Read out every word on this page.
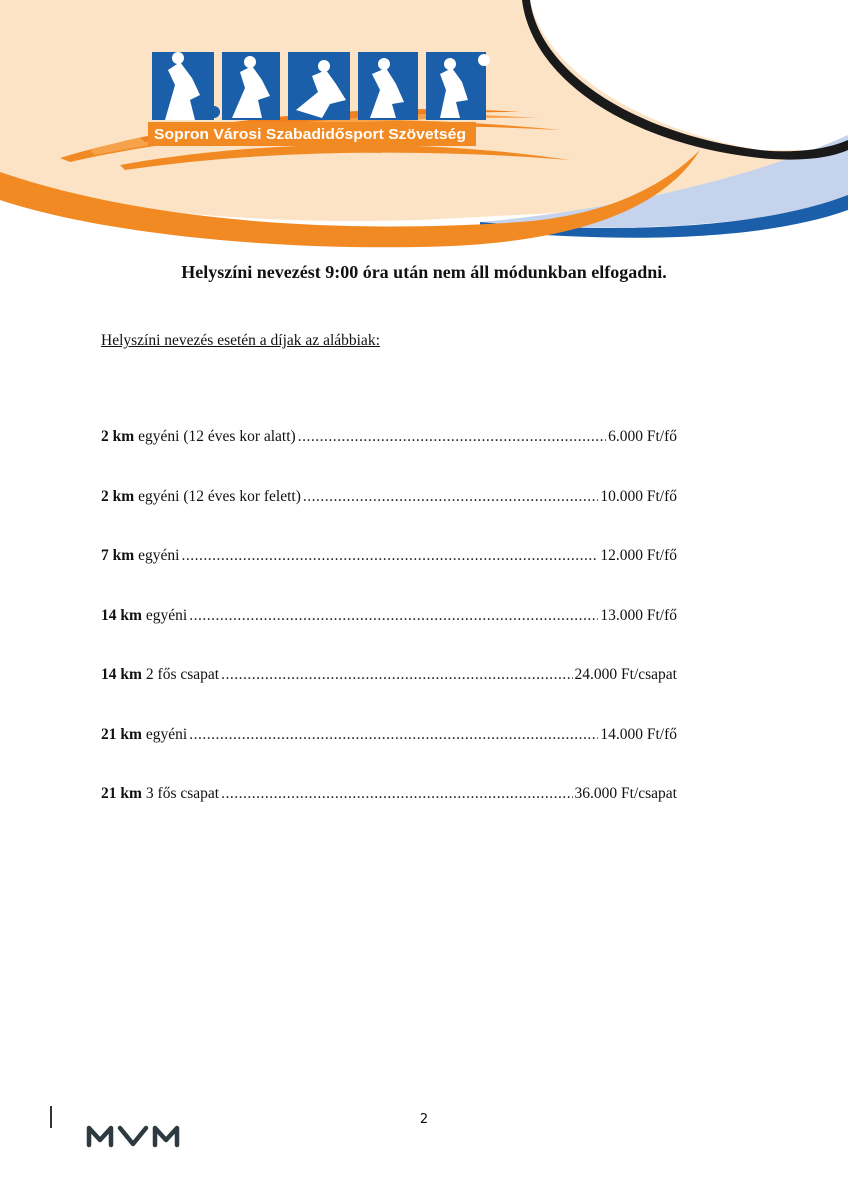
Sopron Városi Szabadidősport Szövetség
Helyszíni nevezést 9:00 óra után nem áll módunkban elfogadni.
Helyszíni nevezés esetén a díjak az alábbiak:
2 km egyéni (12 éves kor alatt) .....	6.000 Ft/fő
2 km egyéni (12 éves kor felett) .....	10.000 Ft/fő
7 km egyéni .....	12.000 Ft/fő
14 km egyéni .....	13.000 Ft/fő
14 km 2 fős csapat .....	24.000 Ft/csapat
21 km egyéni .....	14.000 Ft/fő
21 km 3 fős csapat .....	36.000 Ft/csapat
2
